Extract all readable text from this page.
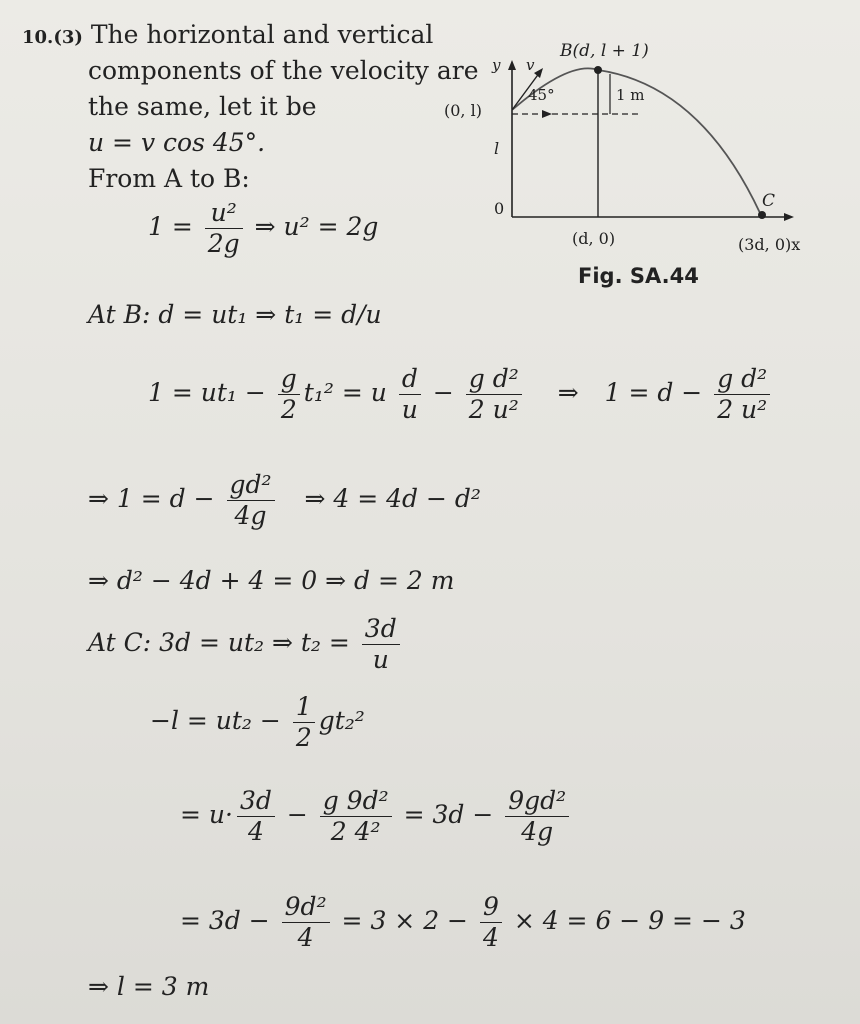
10.(3) The horizontal and vertical
components of the velocity are
the same, let it be
u = v cos 45°.
From A to B:
B(d, l + 1)
y v
45°	1 m
(0, l)
l
0	C
(d, 0)	(3d, 0)x
Fig. SA.44
$1 = \frac{\text{u²}}{2g}$ ⇒ u² = 2g
At B: d = ut₁ ⇒ t₁ = d/u
$1 = ut_1 - \frac{g}{2} t_1^2 = u \frac{d}{u} - \frac{\text{g d²}}{\text{2 u²}}$ ⇒ $1 = d - \frac{\text{g d²}}{\text{2 u²}}$
⇒ $1 = d - \frac{\text{gd²}}{4g}$ ⇒ 4 = 4d − d²
⇒ d² − 4d + 4 = 0 ⇒ d = 2 m
At C: 3d = ut₂ ⇒ $t_2 = \frac{3d}{u}$
$-l = ut_2 - \frac{1}{2} gt_2^2$
= $u\cdot \frac{3d}{4} - \frac{\text{g 9d²}}{\text{2 4²}} = 3d - \frac{\text{9gd²}}{4g}$
= $3d - \frac{\text{9d²}}{4} = 3 \times 2 - \frac{9}{4} \times 4 = 6 - 9$ = − 3
⇒ l = 3 m
